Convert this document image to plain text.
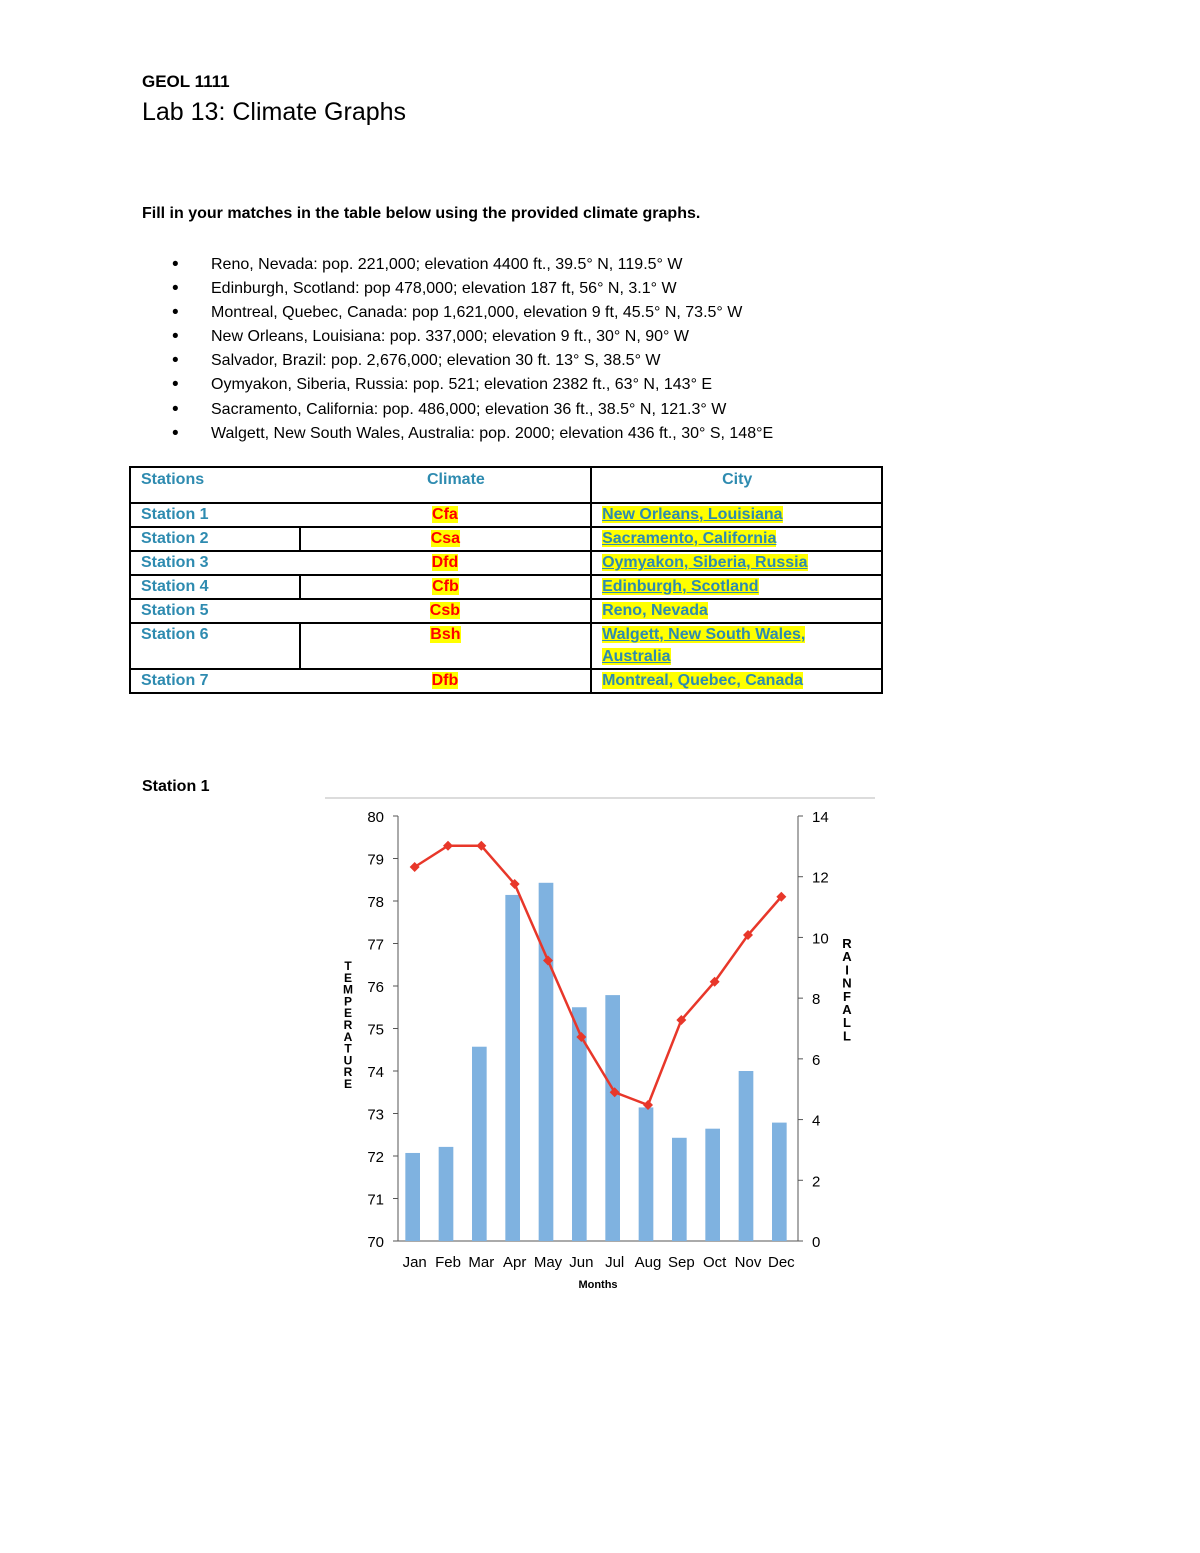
GEOL 1111
Lab 13: Climate Graphs
Fill in your matches in the table below using the provided climate graphs.
• Reno, Nevada: pop. 221,000; elevation 4400 ft., 39.5° N, 119.5° W
• Edinburgh, Scotland: pop 478,000; elevation 187 ft, 56° N, 3.1° W
• Montreal, Quebec, Canada: pop 1,621,000, elevation 9 ft, 45.5° N, 73.5° W
• New Orleans, Louisiana: pop. 337,000; elevation 9 ft., 30° N, 90° W
• Salvador, Brazil: pop. 2,676,000; elevation 30 ft. 13° S, 38.5° W
• Oymyakon, Siberia, Russia: pop. 521; elevation 2382 ft., 63° N, 143° E
• Sacramento, California: pop. 486,000; elevation 36 ft., 38.5° N, 121.3° W
• Walgett, New South Wales, Australia: pop. 2000; elevation 436 ft., 30° S, 148°E
Stations Climate		City
Station 1	Cfa	New Orleans, Louisiana
Station 2	Csa	Sacramento, California
Station 3	Dfd	Oymyakon, Siberia, Russia
Station 4	Cfb	Edinburgh, Scotland
Station 5	Csb	Reno, Nevada
Station 6	Bsh	Walgett, New South Wales,
Australia
Station 7	Dfb	Montreal, Quebec, Canada
Station 1
70
71
72
73
74
75
76
77
78
79
80
0
2
4
6
8
10
12
14
Jan Feb Mar Apr May Jun Jul Aug Sep Oct Nov Dec
Months
T
E
M
P
E
R
A
T
U
R
E
R
A
I
N
F
A
L
L
